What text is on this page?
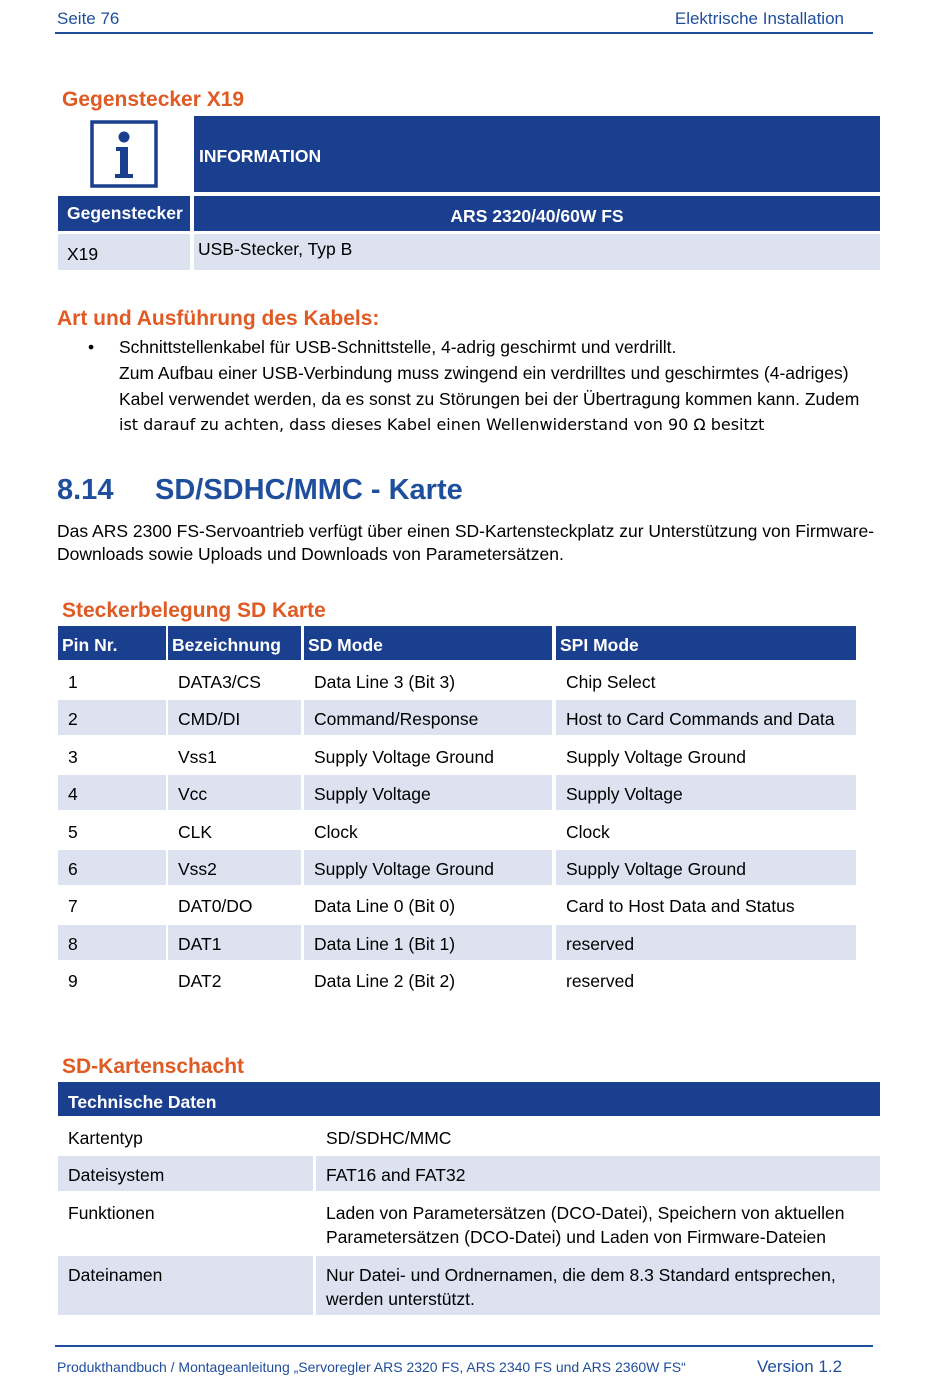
Seite 76	Elektrische Installation
Gegenstecker X19
INFORMATION
Gegenstecker	ARS 2320/40/60W FS
X19	USB-Stecker, Typ B
Art und Ausführung des Kabels:
• Schnittstellenkabel für USB-Schnittstelle, 4-adrig geschirmt und verdrillt.
Zum Aufbau einer USB-Verbindung muss zwingend ein verdrilltes und geschirmtes (4-adriges)
Kabel verwendet werden, da es sonst zu Störungen bei der Übertragung kommen kann. Zudem
ist darauf zu achten, dass dieses Kabel einen Wellenwiderstand von 90 Ω besitzt
8.14 SD/SDHC/MMC - Karte
Das ARS 2300 FS-Servoantrieb verfügt über einen SD-Kartensteckplatz zur Unterstützung von Firmware-
Downloads sowie Uploads und Downloads von Parametersätzen.
Steckerbelegung SD Karte
Pin Nr.	Bezeichnung	SD Mode	SPI Mode
1	DATA3/CS	Data Line 3 (Bit 3)	Chip Select
2	CMD/DI	Command/Response	Host to Card Commands and Data
3	Vss1	Supply Voltage Ground	Supply Voltage Ground
4	Vcc	Supply Voltage	Supply Voltage
5	CLK	Clock	Clock
6	Vss2	Supply Voltage Ground	Supply Voltage Ground
7	DAT0/DO	Data Line 0 (Bit 0)	Card to Host Data and Status
8	DAT1	Data Line 1 (Bit 1)	reserved
9	DAT2	Data Line 2 (Bit 2)	reserved
SD-Kartenschacht
Technische Daten
Kartentyp	SD/SDHC/MMC
Dateisystem	FAT16 and FAT32
Funktionen	Laden von Parametersätzen (DCO-Datei), Speichern von aktuellen
Parametersätzen (DCO-Datei) und Laden von Firmware-Dateien
Dateinamen	Nur Datei- und Ordnernamen, die dem 8.3 Standard entsprechen,
werden unterstützt.
Produkthandbuch / Montageanleitung „Servoregler ARS 2320 FS, ARS 2340 FS und ARS 2360W FS“	Version 1.2
